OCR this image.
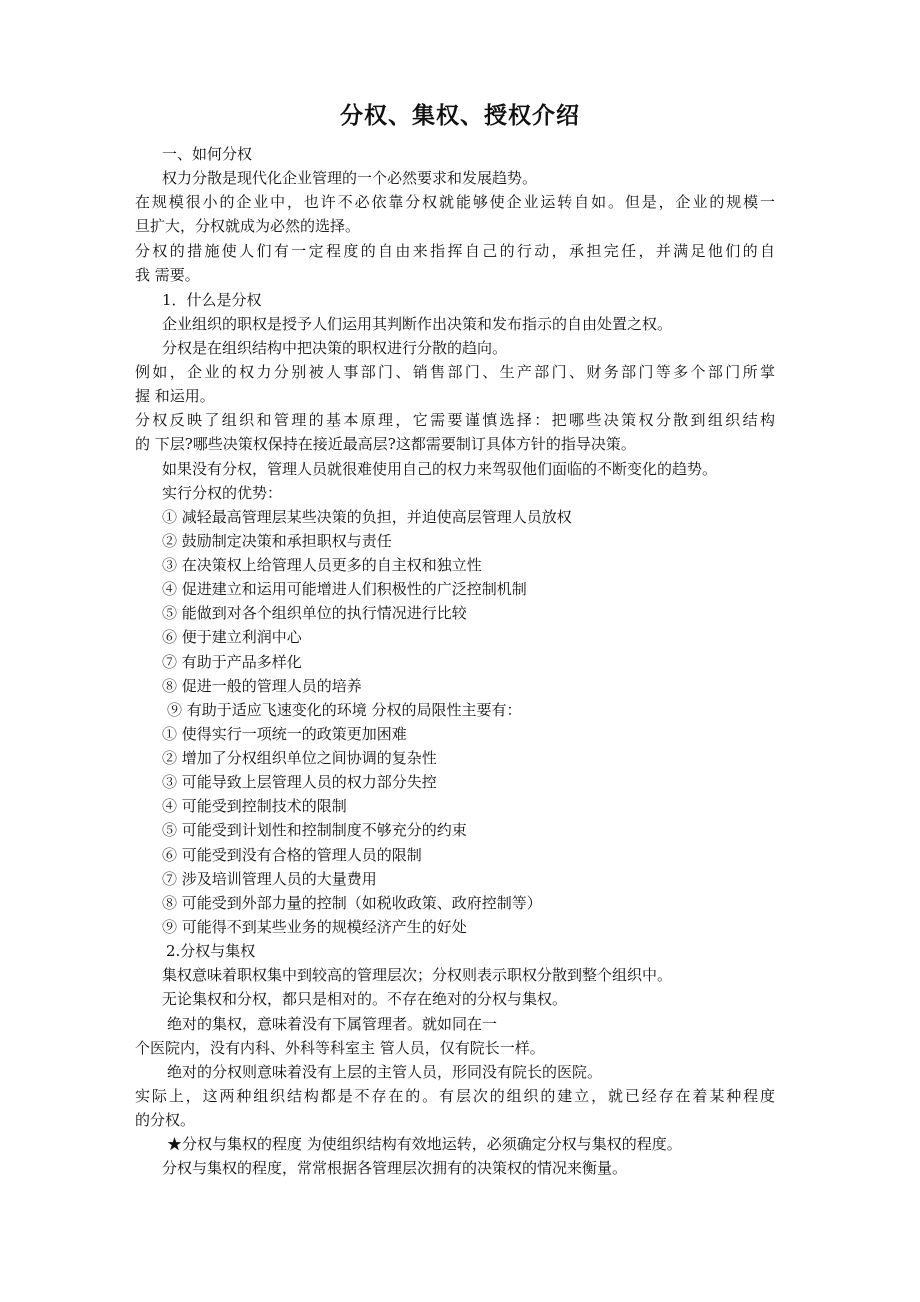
分权、集权、授权介绍
一、如何分权
权力分散是现代化企业管理的一个必然要求和发展趋势。
在规模很小的企业中，也许不必依靠分权就能够使企业运转自如。但是，企业的规模一
旦扩大，分权就成为必然的选择。
分权的措施使人们有一定程度的自由来指挥自己的行动，承担完任，并满足他们的自
我 需要。
1．什么是分权
企业组织的职权是授予人们运用其判断作出决策和发布指示的自由处置之权。
分权是在组织结构中把决策的职权进行分散的趋向。
例如，企业的权力分别被人事部门、销售部门、生产部门、财务部门等多个部门所掌
握 和运用。
分权反映了组织和管理的基本原理，它需要谨慎选择：把哪些决策权分散到组织结构
的 下层?哪些决策权保持在接近最高层?这都需要制订具体方针的指导决策。
如果没有分权，管理人员就很难使用自己的权力来驾驭他们面临的不断变化的趋势。
实行分权的优势：
① 减轻最高管理层某些决策的负担，并迫使高层管理人员放权
② 鼓励制定决策和承担职权与责任
③ 在决策权上给管理人员更多的自主权和独立性
④ 促进建立和运用可能增进人们积极性的广泛控制机制
⑤ 能做到对各个组织单位的执行情况进行比较
⑥ 便于建立利润中心
⑦ 有助于产品多样化
⑧ 促进一般的管理人员的培养
⑨ 有助于适应飞速变化的环境 分权的局限性主要有：
① 使得实行一项统一的政策更加困难
② 增加了分权组织单位之间协调的复杂性
③ 可能导致上层管理人员的权力部分失控
④ 可能受到控制技术的限制
⑤ 可能受到计划性和控制制度不够充分的约束
⑥ 可能受到没有合格的管理人员的限制
⑦ 涉及培训管理人员的大量费用
⑧ 可能受到外部力量的控制（如税收政策、政府控制等）
⑨ 可能得不到某些业务的规模经济产生的好处
2.分权与集权
集权意味着职权集中到较高的管理层次；分权则表示职权分散到整个组织中。
无论集权和分权，都只是相对的。不存在绝对的分权与集权。
绝对的集权，意味着没有下属管理者。就如同在一
个医院内，没有内科、外科等科室主 管人员，仅有院长一样。
绝对的分权则意味着没有上层的主管人员，形同没有院长的医院。
实际上，这两种组织结构都是不存在的。有层次的组织的建立，就已经存在着某种程度
的分权。
★分权与集权的程度 为使组织结构有效地运转，必须确定分权与集权的程度。
分权与集权的程度，常常根据各管理层次拥有的决策权的情况来衡量。
